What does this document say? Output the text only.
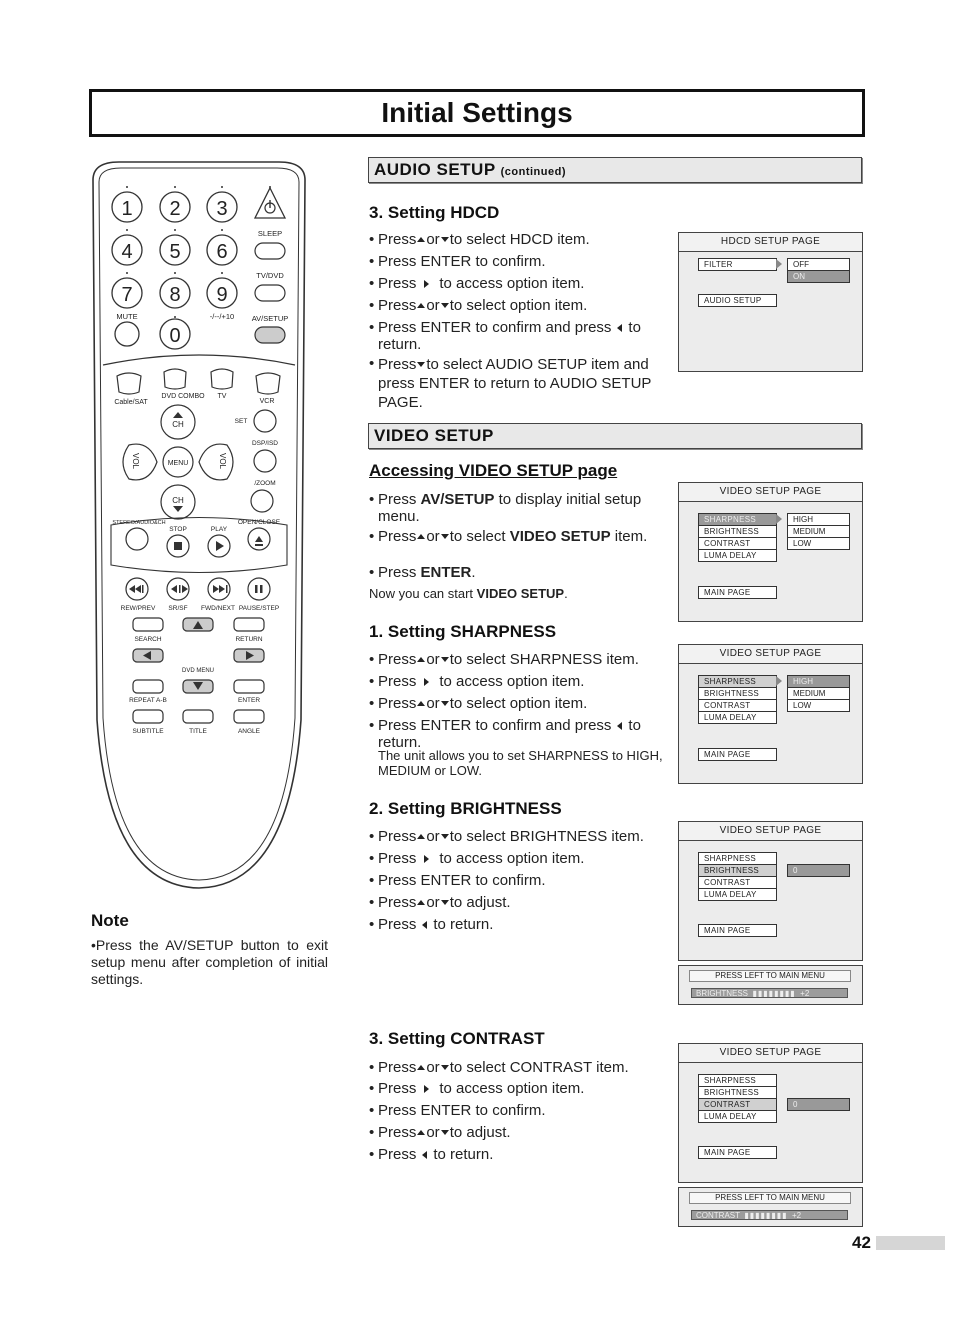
Initial Settings
1 2 3
4 5 6
7 8 9
0
SLEEP
TV/DVD
MUTE	-/--/+10 AV/SETUP
Cable/SAT
DVD COMBO TV
VCR
CH
CH
MENU
SET
DSP/ISD
/ZOOM
OPEN/CLOSE
STEREO/AUDIO&CH
STOP	PLAY
VOL	VOL
REW/PREV SR/SF FWD/NEXT PAUSE/STEP
SEARCH	RETURN
DVD MENU
REPEAT A-B	ENTER
SUBTITLE	TITLE	ANGLE
Note
•Press the AV/SETUP button to exit setup menu after completion of initial settings.
AUDIO SETUP (continued)
3. Setting HDCD
• Press or to select HDCD item.
• Press ENTER to confirm.
• Press to access option item.
• Press or to select option item.
• Press ENTER to confirm and press to return.
• Press to select AUDIO SETUP item and press ENTER to return to AUDIO SETUP PAGE.
HDCD SETUP PAGE
FILTER	OFF
ON
AUDIO SETUP
VIDEO SETUP
Accessing VIDEO SETUP page
• Press AV/SETUP to display initial setup menu.
• Press or to select VIDEO SETUP item.
• Press ENTER.
Now you can start VIDEO SETUP.
VIDEO SETUP PAGE
SHARPNESS
BRIGHTNESS
CONTRAST
LUMA DELAY
HIGH
MEDIUM
LOW
MAIN PAGE
1. Setting SHARPNESS
• Press or to select SHARPNESS item.
• Press to access option item.
• Press or to select option item.
• Press ENTER to confirm and press to return.
The unit allows you to set SHARPNESS to HIGH, MEDIUM or LOW.
VIDEO SETUP PAGE
SHARPNESS
BRIGHTNESS
CONTRAST
LUMA DELAY
HIGH
MEDIUM
LOW
MAIN PAGE
2. Setting BRIGHTNESS
• Press or to select BRIGHTNESS item.
• Press to access option item.
• Press ENTER to confirm.
• Press or to adjust.
• Press to return.
VIDEO SETUP PAGE
SHARPNESS
BRIGHTNESS
CONTRAST
LUMA DELAY
0
MAIN PAGE
PRESS LEFT TO MAIN MENU
BRIGHTNESS ▮▮▮▮▮▮▮▮ +2
3. Setting CONTRAST
• Press or to select CONTRAST item.
• Press to access option item.
• Press ENTER to confirm.
• Press or to adjust.
• Press to return.
VIDEO SETUP PAGE
SHARPNESS
BRIGHTNESS
CONTRAST
LUMA DELAY
0
MAIN PAGE
PRESS LEFT TO MAIN MENU
CONTRAST ▮▮▮▮▮▮▮▮ +2
42
